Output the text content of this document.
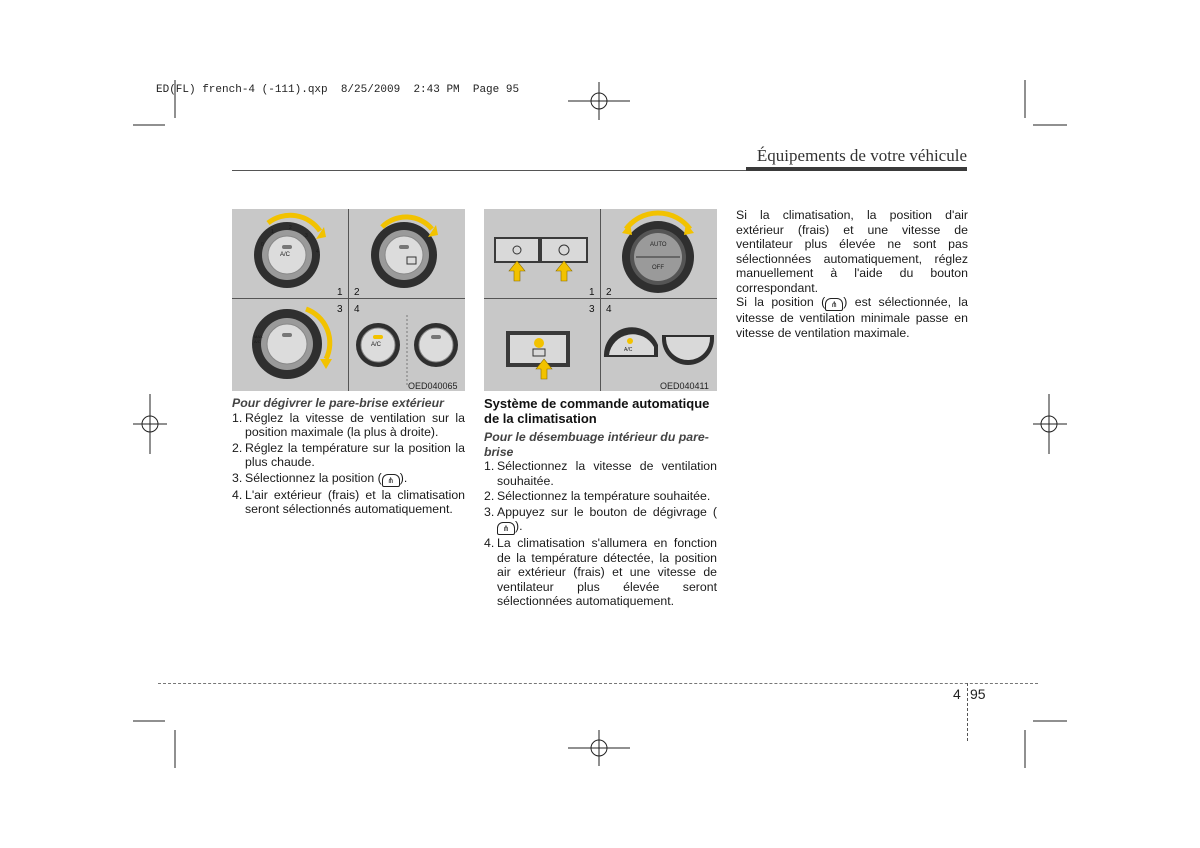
ED(FL) french-4 (-111).qxp  8/25/2009  2:43 PM  Page 95
Équipements de votre véhicule
1 2
3 4
A/C
A/C
MAX A/C
0
1
2
3
4
OED040065
1 2
3 4
AUTO
OFF
A/C
OED040411

Pour dégivrer le pare-brise extérieur

1. Réglez la vitesse de ventilation sur la position maximale (la plus à droite).
2. Réglez la température sur la position la plus chaude.
3. Sélectionnez la position ( ⋔ ).
4. L'air extérieur (frais) et la climatisation seront sélectionnés automatiquement.

Système de commande automatique de la climatisation

Pour le désembuage intérieur du pare-brise

1. Sélectionnez la vitesse de ventilation souhaitée.
2. Sélectionnez la température souhaitée.
3. Appuyez sur le bouton de dégivrage (⋔ ).
4. La climatisation s'allumera en fonction de la température détectée, la position air extérieur (frais) et une vitesse de ventilateur plus élevée seront sélectionnées automatiquement.

Si la climatisation, la position d'air extérieur (frais) et une vitesse de ventilateur plus élevée ne sont pas sélectionnées automatiquement, réglez manuellement à l'aide du bouton correspondant.

Si la position ( ⋔ ) est sélectionnée, la vitesse de ventilation minimale passe en vitesse de ventilation maximale.

4 95
